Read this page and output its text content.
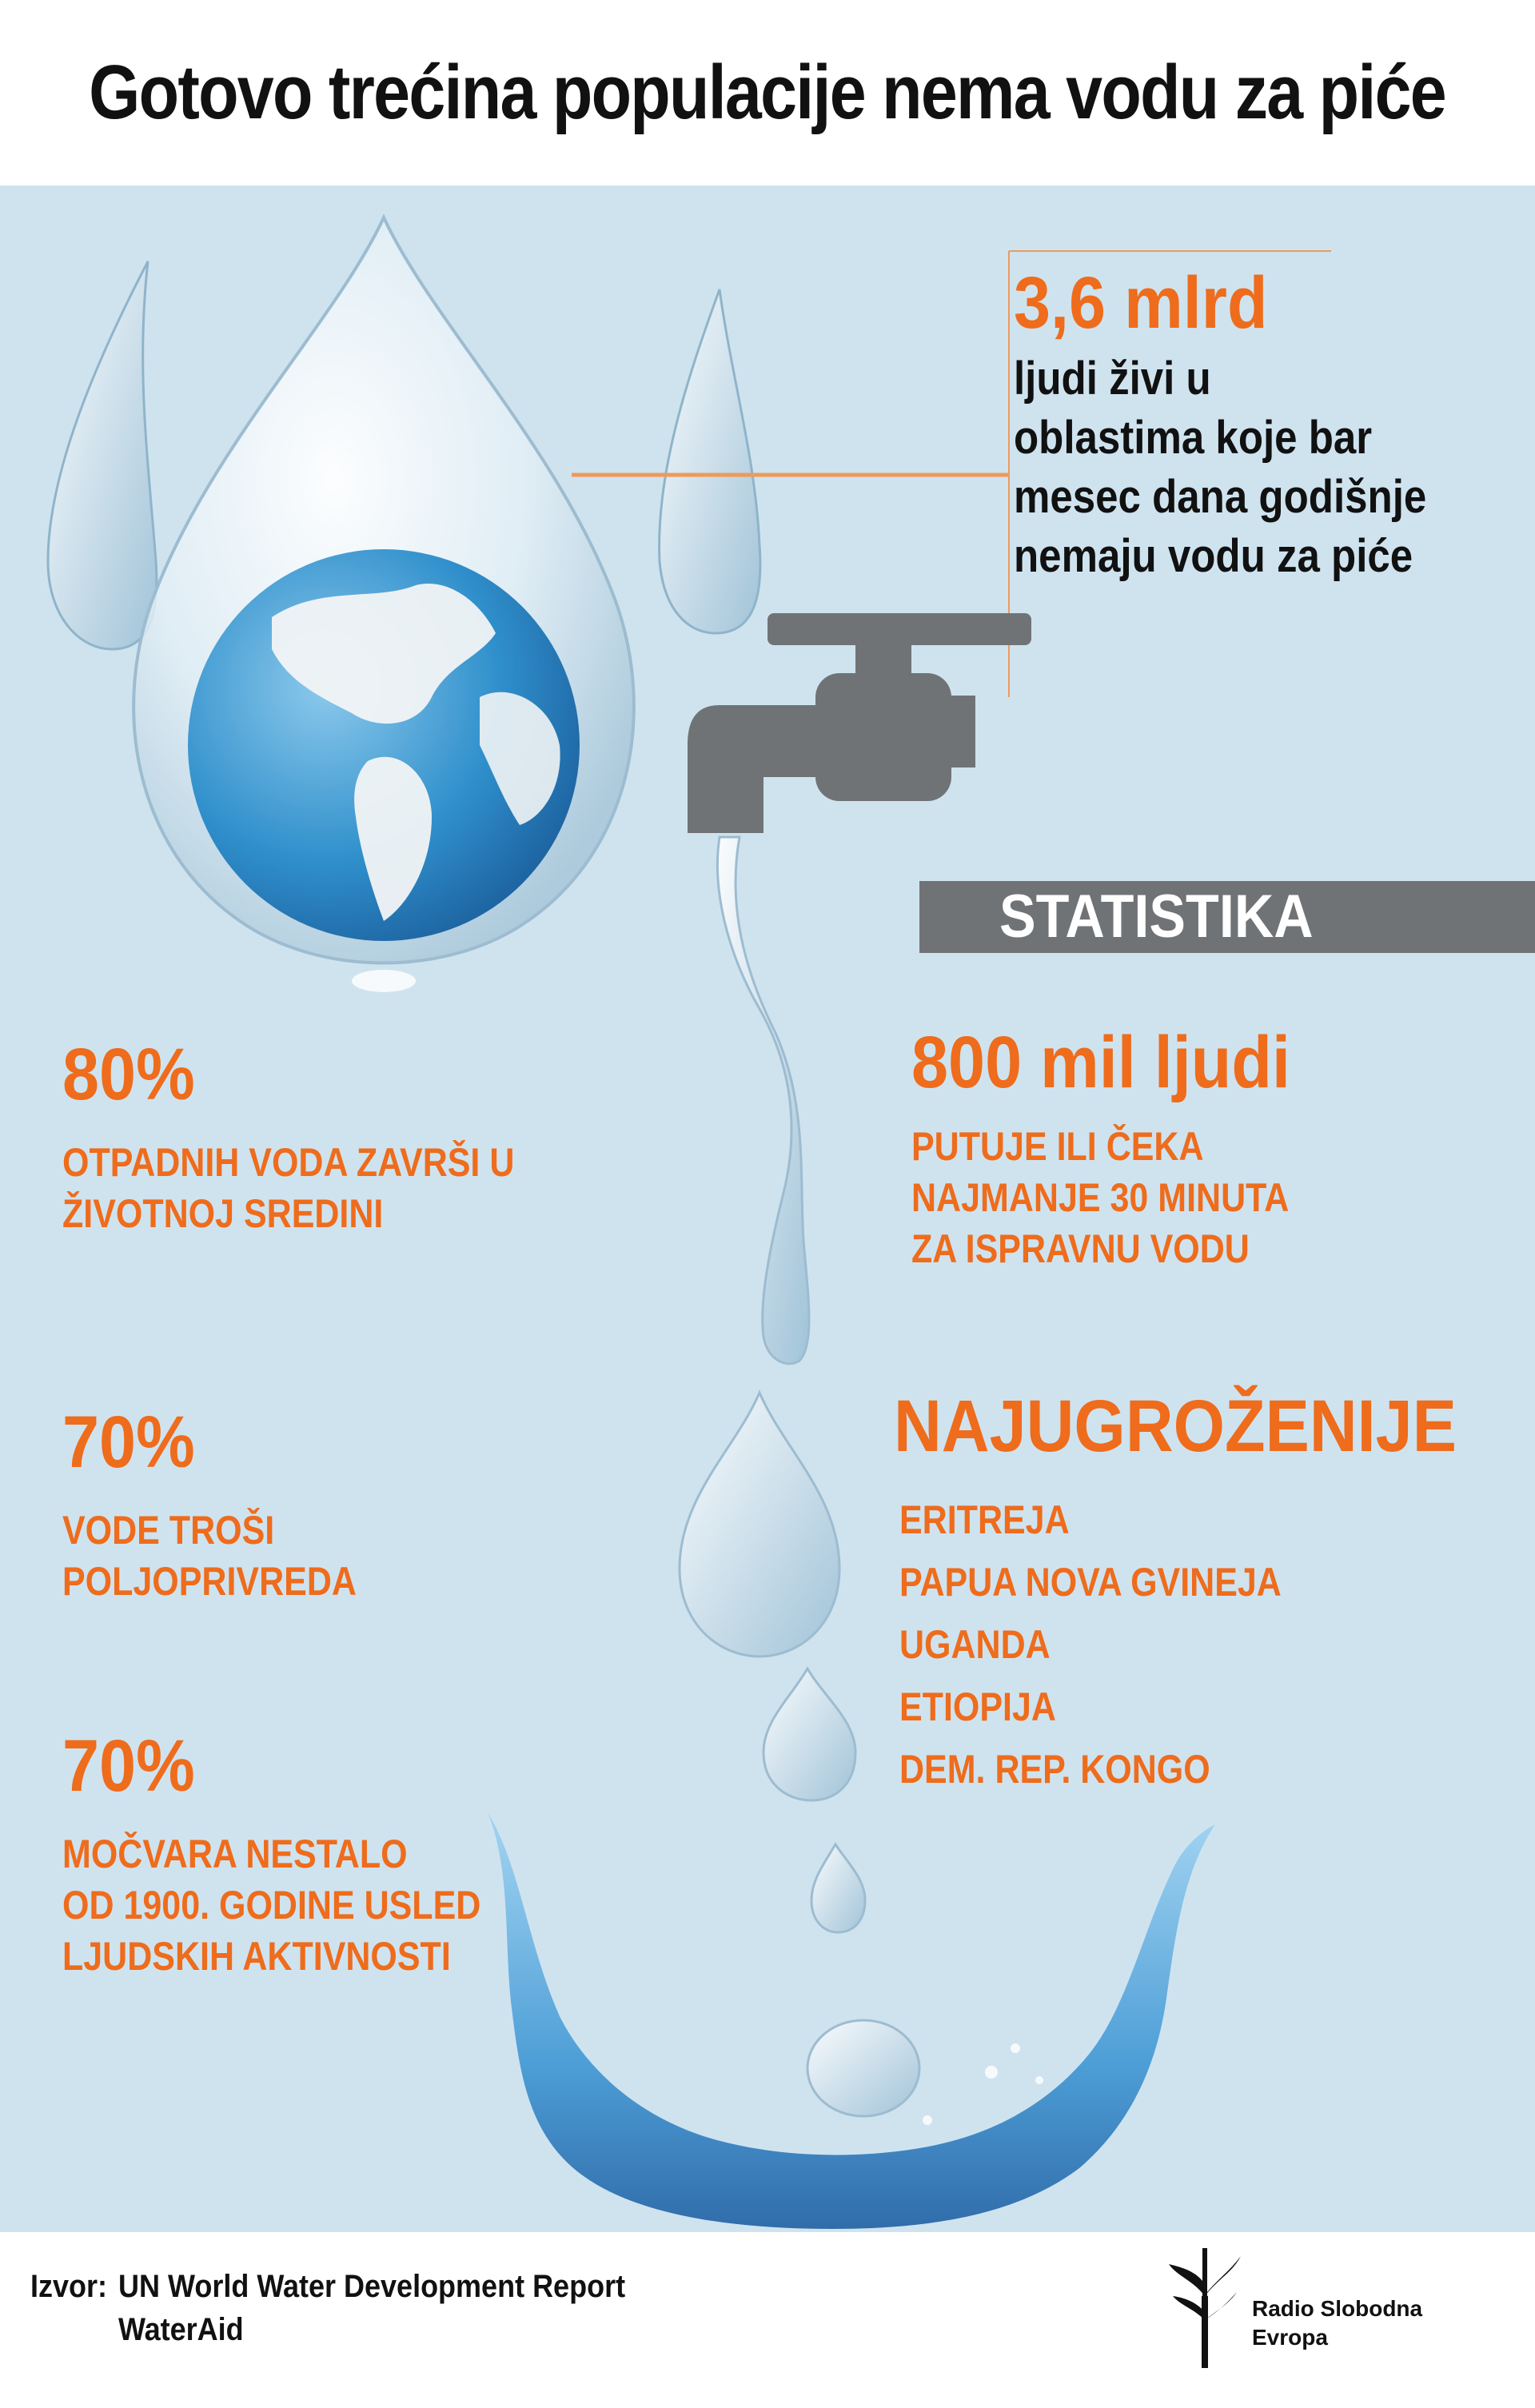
Gotovo trećina populacije nema vodu za piće
3,6 mlrd
ljudi živi u
oblastima koje bar
mesec dana godišnje
nemaju vodu za piće
STATISTIKA
80%
OTPADNIH VODA ZAVRŠI U
ŽIVOTNOJ SREDINI
70%
VODE TROŠI
POLJOPRIVREDA
70%
MOČVARA NESTALO
OD 1900. GODINE USLED
LJUDSKIH AKTIVNOSTI
800 mil ljudi
PUTUJE ILI ČEKA
NAJMANJE 30 MINUTA
ZA ISPRAVNU VODU
NAJUGROŽENIJE
ERITREJA
PAPUA NOVA GVINEJA
UGANDA
ETIOPIJA
DEM. REP. KONGO
Izvor: UN World Water Development Report
WaterAid
Radio Slobodna
Evropa
